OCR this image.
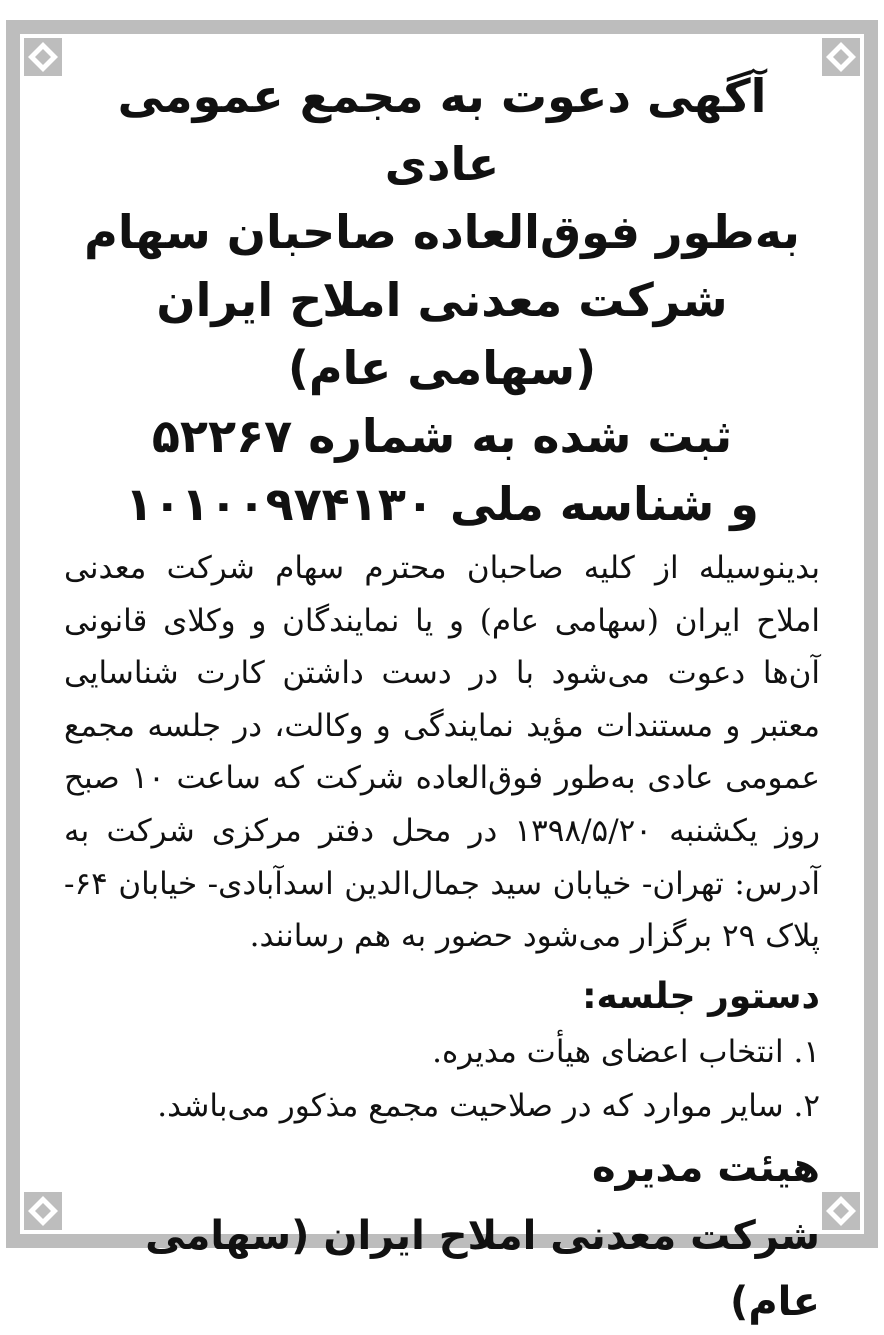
آگهی دعوت به مجمع عمومی عادی

به‌طور فوق‌العاده صاحبان سهام

شرکت معدنی املاح ایران (سهامی عام)

ثبت شده به شماره ۵۲۲۶۷

و شناسه ملی ۱۰۱۰۰۹۷۴۱۳۰

بدینوسیله از کلیه صاحبان محترم سهام شرکت معدنی املاح ایران (سهامی عام) و یا نمایندگان و وکلای قانونی آن‌ها دعوت می‌شود با در دست داشتن کارت شناسایی معتبر و مستندات مؤید نمایندگی و وکالت، در جلسه مجمع عمومی عادی به‌طور فوق‌العاده شرکت که ساعت ۱۰ صبح روز یکشنبه ۱۳۹۸/۵/۲۰ در محل دفتر مرکزی شرکت به آدرس: تهران- خیابان سید جمال‌الدین اسدآبادی- خیابان ۶۴- پلاک ۲۹ برگزار می‌شود حضور به هم رسانند.

دستور جلسه:

۱. انتخاب اعضای هیأت مدیره.

۲. سایر موارد که در صلاحیت مجمع مذکور می‌باشد.

هیئت مدیره

شرکت معدنی املاح ایران (سهامی عام)
